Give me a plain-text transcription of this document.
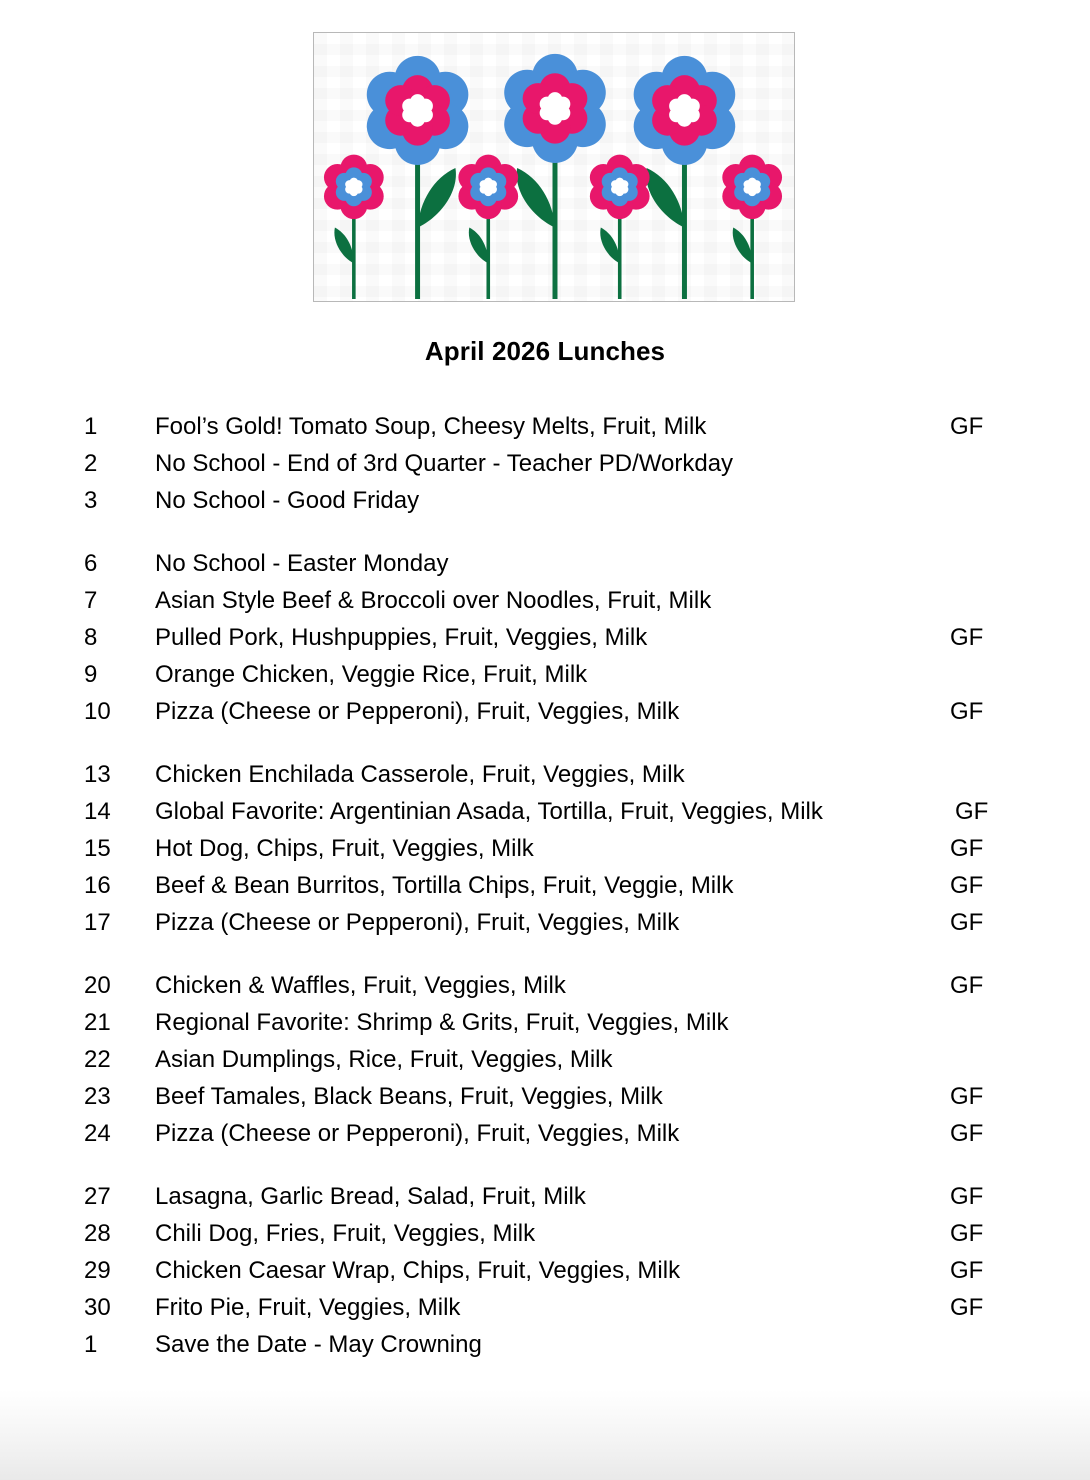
April 2026 Lunches
1 Fool’s Gold! Tomato Soup, Cheesy Melts, Fruit, Milk	GF
2 No School - End of 3rd Quarter - Teacher PD/Workday
3 No School - Good Friday
6 No School - Easter Monday
7 Asian Style Beef & Broccoli over Noodles, Fruit, Milk
8 Pulled Pork, Hushpuppies, Fruit, Veggies, Milk	GF
9 Orange Chicken, Veggie Rice, Fruit, Milk
10 Pizza (Cheese or Pepperoni), Fruit, Veggies, Milk	GF
13 Chicken Enchilada Casserole, Fruit, Veggies, Milk
14 Global Favorite: Argentinian Asada, Tortilla, Fruit, Veggies, Milk	GF
15 Hot Dog, Chips, Fruit, Veggies, Milk	GF
16 Beef & Bean Burritos, Tortilla Chips, Fruit, Veggie, Milk	GF
17 Pizza (Cheese or Pepperoni), Fruit, Veggies, Milk	GF
20 Chicken & Waffles, Fruit, Veggies, Milk	GF
21 Regional Favorite: Shrimp & Grits, Fruit, Veggies, Milk
22 Asian Dumplings, Rice, Fruit, Veggies, Milk
23 Beef Tamales, Black Beans, Fruit, Veggies, Milk	GF
24 Pizza (Cheese or Pepperoni), Fruit, Veggies, Milk	GF
27 Lasagna, Garlic Bread, Salad, Fruit, Milk	GF
28 Chili Dog, Fries, Fruit, Veggies, Milk	GF
29 Chicken Caesar Wrap, Chips, Fruit, Veggies, Milk	GF
30 Frito Pie, Fruit, Veggies, Milk	GF
1 Save the Date - May Crowning
